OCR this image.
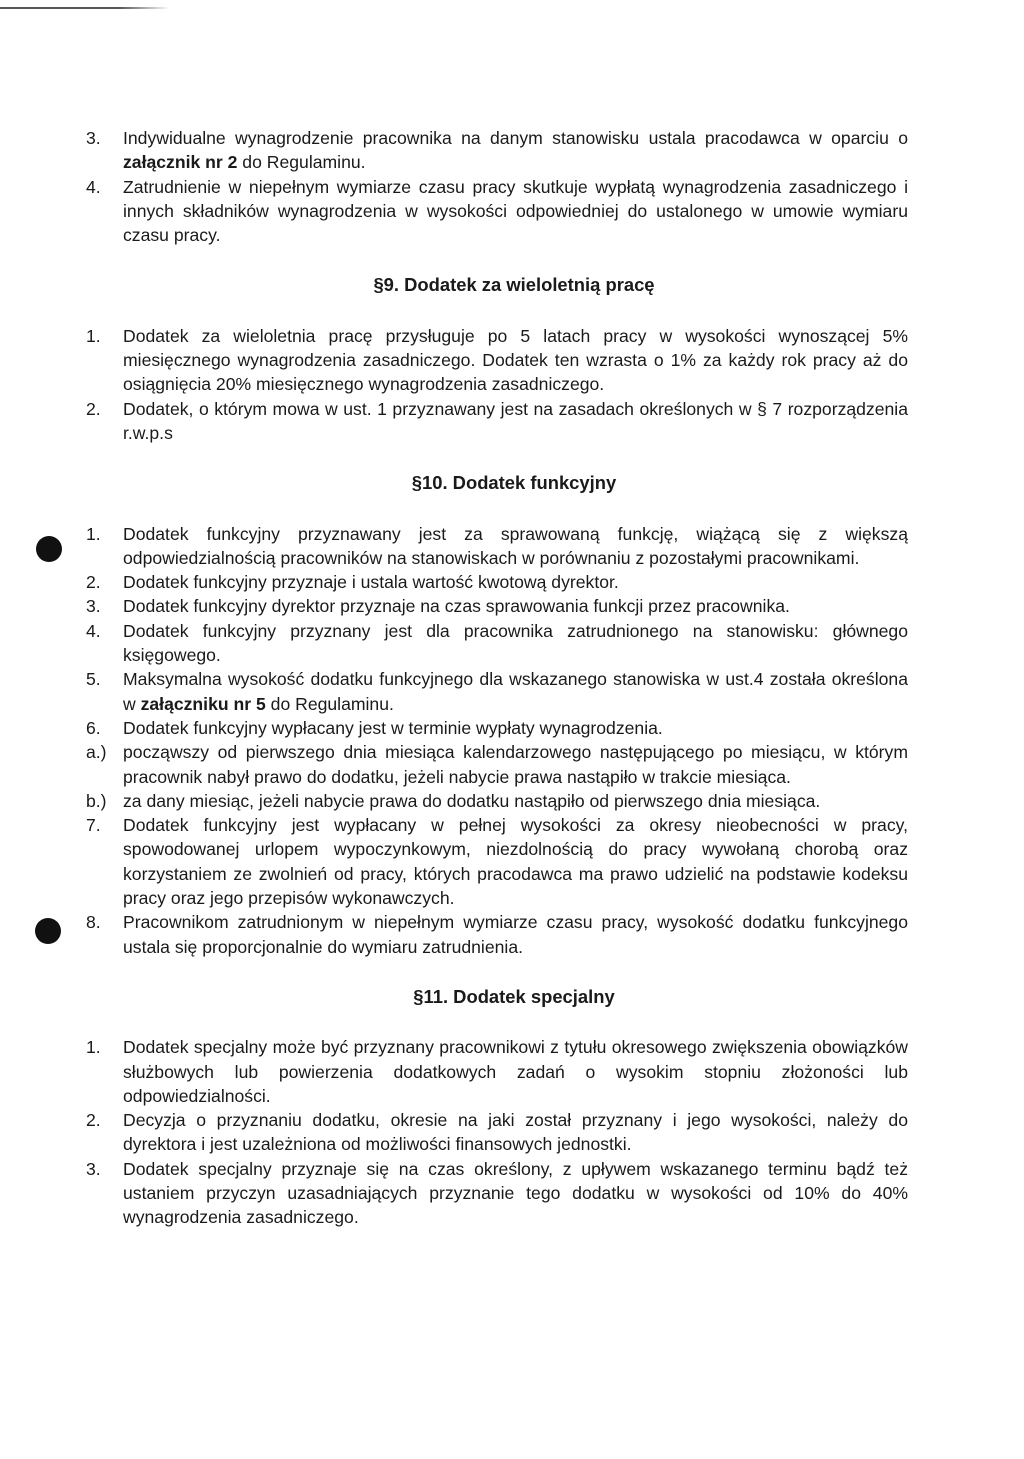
3.	Indywidualne wynagrodzenie pracownika na danym stanowisku ustala pracodawca w oparciu o załącznik nr 2 do Regulaminu.
4.	Zatrudnienie w niepełnym wymiarze czasu pracy skutkuje wypłatą wynagrodzenia zasadniczego i innych składników wynagrodzenia w wysokości odpowiedniej do ustalonego w umowie wymiaru czasu pracy.
§9. Dodatek za wieloletnią pracę
1.	Dodatek za wieloletnia pracę przysługuje po 5 latach pracy w wysokości wynoszącej 5% miesięcznego wynagrodzenia zasadniczego. Dodatek ten wzrasta o 1% za każdy rok pracy aż do osiągnięcia 20% miesięcznego wynagrodzenia zasadniczego.
2.	Dodatek, o którym mowa w ust. 1 przyznawany jest na zasadach określonych w § 7 rozporządzenia r.w.p.s
§10. Dodatek funkcyjny
1.	Dodatek funkcyjny przyznawany jest za sprawowaną funkcję, wiążącą się z większą odpowiedzialnością pracowników na stanowiskach w porównaniu z pozostałymi pracownikami.
2.	Dodatek funkcyjny przyznaje i ustala wartość kwotową dyrektor.
3.	Dodatek funkcyjny dyrektor przyznaje na czas sprawowania funkcji przez pracownika.
4.	Dodatek funkcyjny przyznany jest dla pracownika zatrudnionego na stanowisku: głównego księgowego.
5.	Maksymalna wysokość dodatku funkcyjnego dla wskazanego stanowiska w ust.4 została określona w załączniku nr 5 do Regulaminu.
6.	Dodatek funkcyjny wypłacany jest w terminie wypłaty wynagrodzenia.
a.) począwszy od pierwszego dnia miesiąca kalendarzowego następującego po miesiącu, w którym pracownik nabył prawo do dodatku, jeżeli nabycie prawa nastąpiło w trakcie miesiąca.
b.) za dany miesiąc, jeżeli nabycie prawa do dodatku nastąpiło od pierwszego dnia miesiąca.
7.	Dodatek funkcyjny jest wypłacany w pełnej wysokości za okresy nieobecności w pracy, spowodowanej urlopem wypoczynkowym, niezdolnością do pracy wywołaną chorobą oraz korzystaniem ze zwolnień od pracy, których pracodawca ma prawo udzielić na podstawie kodeksu pracy oraz jego przepisów wykonawczych.
8.	Pracownikom zatrudnionym w niepełnym wymiarze czasu pracy, wysokość dodatku funkcyjnego ustala się proporcjonalnie do wymiaru zatrudnienia.
§11. Dodatek specjalny
1.	Dodatek specjalny może być przyznany pracownikowi z tytułu okresowego zwiększenia obowiązków służbowych lub powierzenia dodatkowych zadań o wysokim stopniu złożoności lub odpowiedzialności.
2.	Decyzja o przyznaniu dodatku, okresie na jaki został przyznany i jego wysokości, należy do dyrektora i jest uzależniona od możliwości finansowych jednostki.
3.	Dodatek specjalny przyznaje się na czas określony, z upływem wskazanego terminu bądź też ustaniem przyczyn uzasadniających przyznanie tego dodatku w wysokości od 10% do 40% wynagrodzenia zasadniczego.
